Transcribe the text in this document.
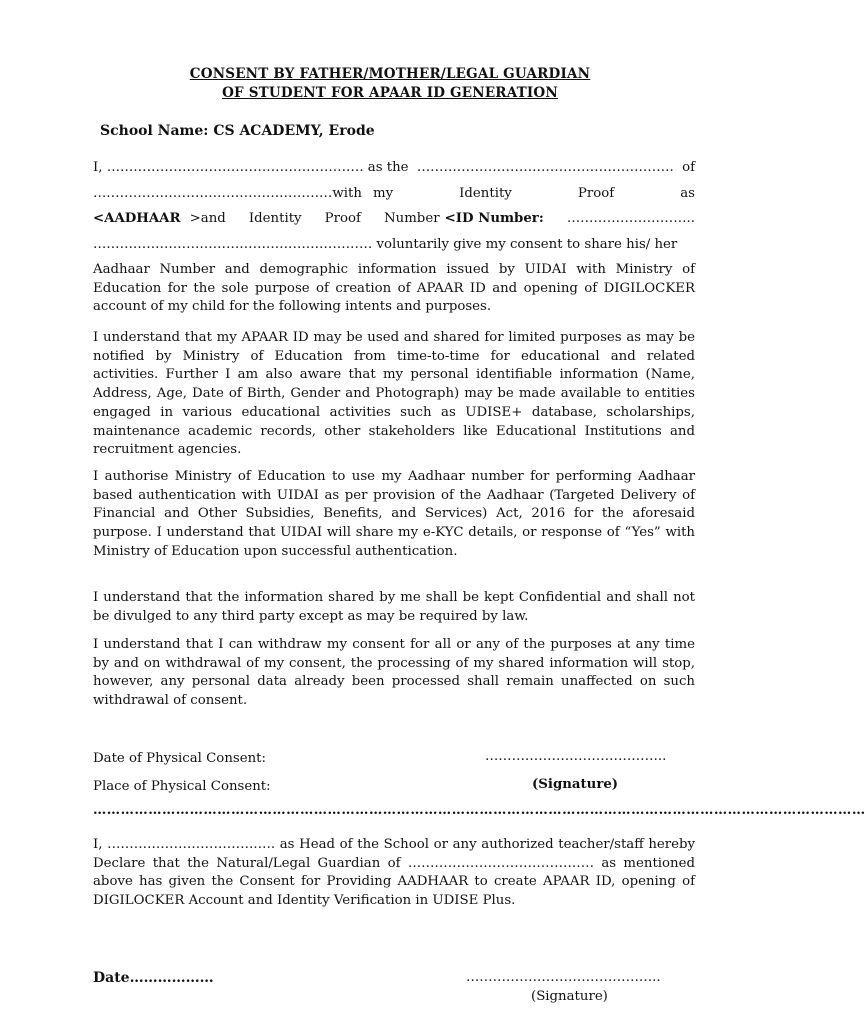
CONSENT BY FATHER/MOTHER/LEGAL GUARDIAN

OF STUDENT FOR APAAR ID GENERATION

School Name: CS ACADEMY, Erode

I, …………………………………………………. as the …………………………………………………. of
………………………………………………with my	Identity	Proof	as
<AADHAAR >and Identity Proof Number <ID Number: ………………………..

……………………………………………………… voluntarily give my consent to share his/ her

Aadhaar Number and demographic information issued by UIDAI with Ministry of Education for the sole purpose of creation of APAAR ID and opening of DIGILOCKER account of my child for the following intents and purposes.

I understand that my APAAR ID may be used and shared for limited purposes as may be notified by Ministry of Education from time-to-time for educational and related activities. Further I am also aware that my personal identifiable information (Name, Address, Age, Date of Birth, Gender and Photograph) may be made available to entities engaged in various educational activities such as UDISE+ database, scholarships, maintenance academic records, other stakeholders like Educational Institutions and recruitment agencies.

I authorise Ministry of Education to use my Aadhaar number for performing Aadhaar based authentication with UIDAI as per provision of the Aadhaar (Targeted Delivery of Financial and Other Subsidies, Benefits, and Services) Act, 2016 for the aforesaid purpose. I understand that UIDAI will share my e-KYC details, or response of “Yes” with Ministry of Education upon successful authentication.

I understand that the information shared by me shall be kept Confidential and shall not be divulged to any third party except as may be required by law.

I understand that I can withdraw my consent for all or any of the purposes at any time by and on withdrawal of my consent, the processing of my shared information will stop, however, any personal data already been processed shall remain unaffected on such withdrawal of consent.

Date of Physical Consent:	…………………………………..

Place of Physical Consent:	(Signature)

……………………………………………………………………………………………………………………………………………………

I, …………………………….…. as Head of the School or any authorized teacher/staff hereby Declare that the Natural/Legal Guardian of …………………………………… as mentioned above has given the Consent for Providing AADHAAR to create APAAR ID, opening of DIGILOCKER Account and Identity Verification in UDISE Plus.

Date………………	……………………………………..

(Signature)
